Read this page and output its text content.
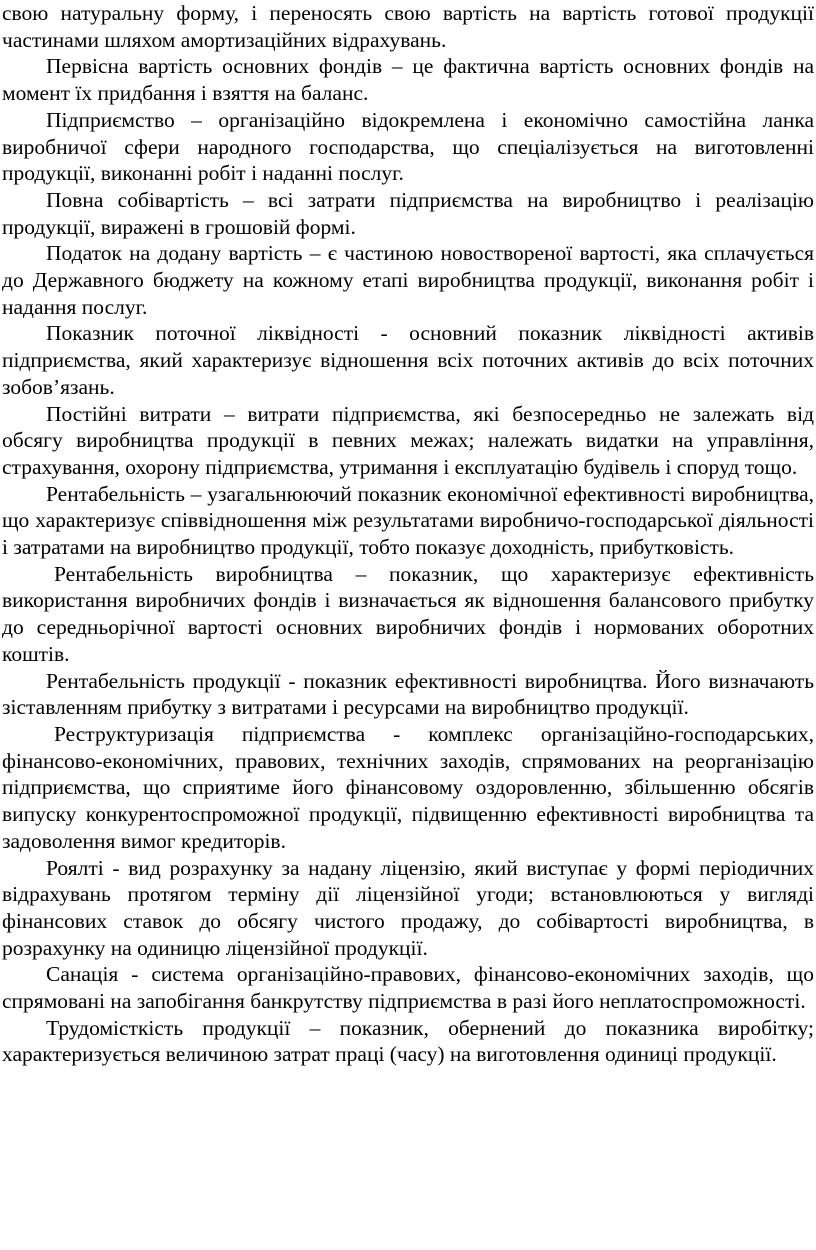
свою натуральну форму, і переносять свою вартість на вартість готової продукції частинами шляхом амортизаційних відрахувань.

Первісна вартість основних фондів – це фактична вартість основних фондів на момент їх придбання і взяття на баланс.

Підприємство – організаційно відокремлена і економічно самостійна ланка виробничої сфери народного господарства, що спеціалізується на виготовленні продукції, виконанні робіт і наданні послуг.

Повна собівартість – всі затрати підприємства на виробництво і реалізацію продукції, виражені в грошовій формі.

Податок на додану вартість – є частиною новоствореної вартості, яка сплачується до Державного бюджету на кожному етапі виробництва продукції, виконання робіт і надання послуг.

Показник поточної ліквідності - основний показник ліквідності активів підприємства, який характеризує відношення всіх поточних активів до всіх поточних зобов’язань.

Постійні витрати – витрати підприємства, які безпосередньо не залежать від обсягу виробництва продукції в певних межах; належать видатки на управління, страхування, охорону підприємства, утримання і експлуатацію будівель і споруд тощо.

Рентабельність – узагальнюючий показник економічної ефективності виробництва, що характеризує співвідношення між результатами виробничо-господарської діяльності і затратами на виробництво продукції, тобто показує доходність, прибутковість.

Рентабельність виробництва – показник, що характеризує ефективність використання виробничих фондів і визначається як відношення балансового прибутку до середньорічної вартості основних виробничих фондів і нормованих оборотних коштів.

Рентабельність продукції - показник ефективності виробництва. Його визначають зіставленням прибутку з витратами і ресурсами на виробництво продукції.

Реструктуризація підприємства - комплекс організаційно-господарських, фінансово-економічних, правових, технічних заходів, спрямованих на реорганізацію підприємства, що сприятиме його фінансовому оздоровленню, збільшенню обсягів випуску конкурентоспроможної продукції, підвищенню ефективності виробництва та задоволення вимог кредиторів.

Роялті - вид розрахунку за надану ліцензію, який виступає у формі періодичних відрахувань протягом терміну дії ліцензійної угоди; встановлюються у вигляді фінансових ставок до обсягу чистого продажу, до собівартості виробництва, в розрахунку на одиницю ліцензійної продукції.

Санація - система організаційно-правових, фінансово-економічних заходів, що спрямовані на запобігання банкрутству підприємства в разі його неплатоспроможності.

Трудомісткість продукції – показник, обернений до показника виробітку; характеризується величиною затрат праці (часу) на виготовлення одиниці продукції.
